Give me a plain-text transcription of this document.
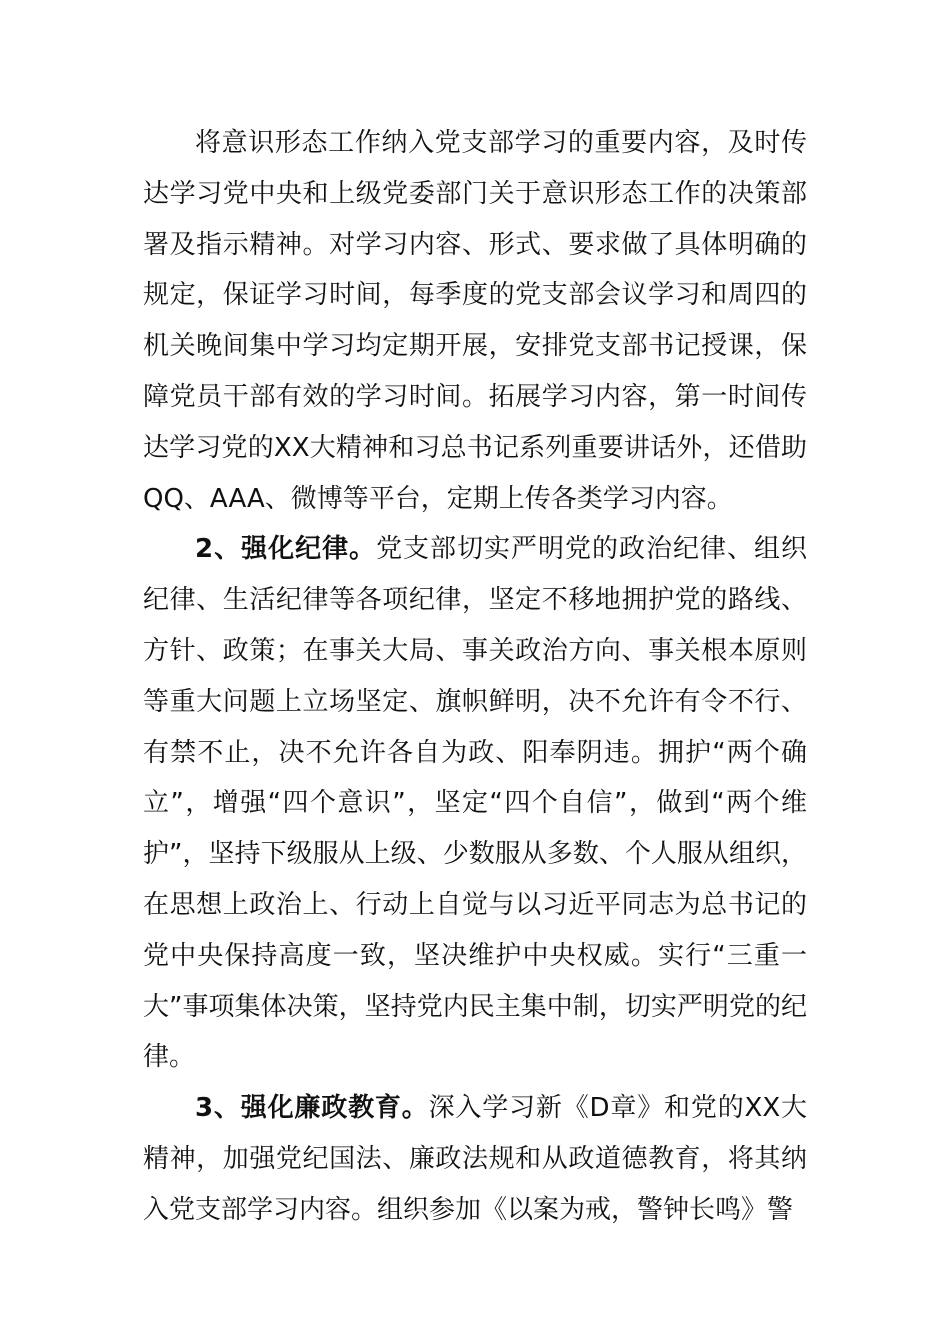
将意识形态工作纳入党支部学习的重要内容，及时传达学习党中央和上级党委部门关于意识形态工作的决策部署及指示精神。对学习内容、形式、要求做了具体明确的规定，保证学习时间，每季度的党支部会议学习和周四的机关晚间集中学习均定期开展，安排党支部书记授课，保障党员干部有效的学习时间。拓展学习内容，第一时间传达学习党的XX大精神和习总书记系列重要讲话外，还借助QQ、AAA、微博等平台，定期上传各类学习内容。

2、强化纪律。党支部切实严明党的政治纪律、组织纪律、生活纪律等各项纪律，坚定不移地拥护党的路线、方针、政策；在事关大局、事关政治方向、事关根本原则等重大问题上立场坚定、旗帜鲜明，决不允许有令不行、有禁不止，决不允许各自为政、阳奉阴违。拥护“两个确立”，增强“四个意识”，坚定“四个自信”，做到“两个维护”，坚持下级服从上级、少数服从多数、个人服从组织，在思想上政治上、行动上自觉与以习近平同志为总书记的党中央保持高度一致，坚决维护中央权威。实行“三重一大”事项集体决策，坚持党内民主集中制，切实严明党的纪律。

3、强化廉政教育。深入学习新《D章》和党的XX大精神，加强党纪国法、廉政法规和从政道德教育，将其纳入党支部学习内容。组织参加《以案为戒，警钟长鸣》警
